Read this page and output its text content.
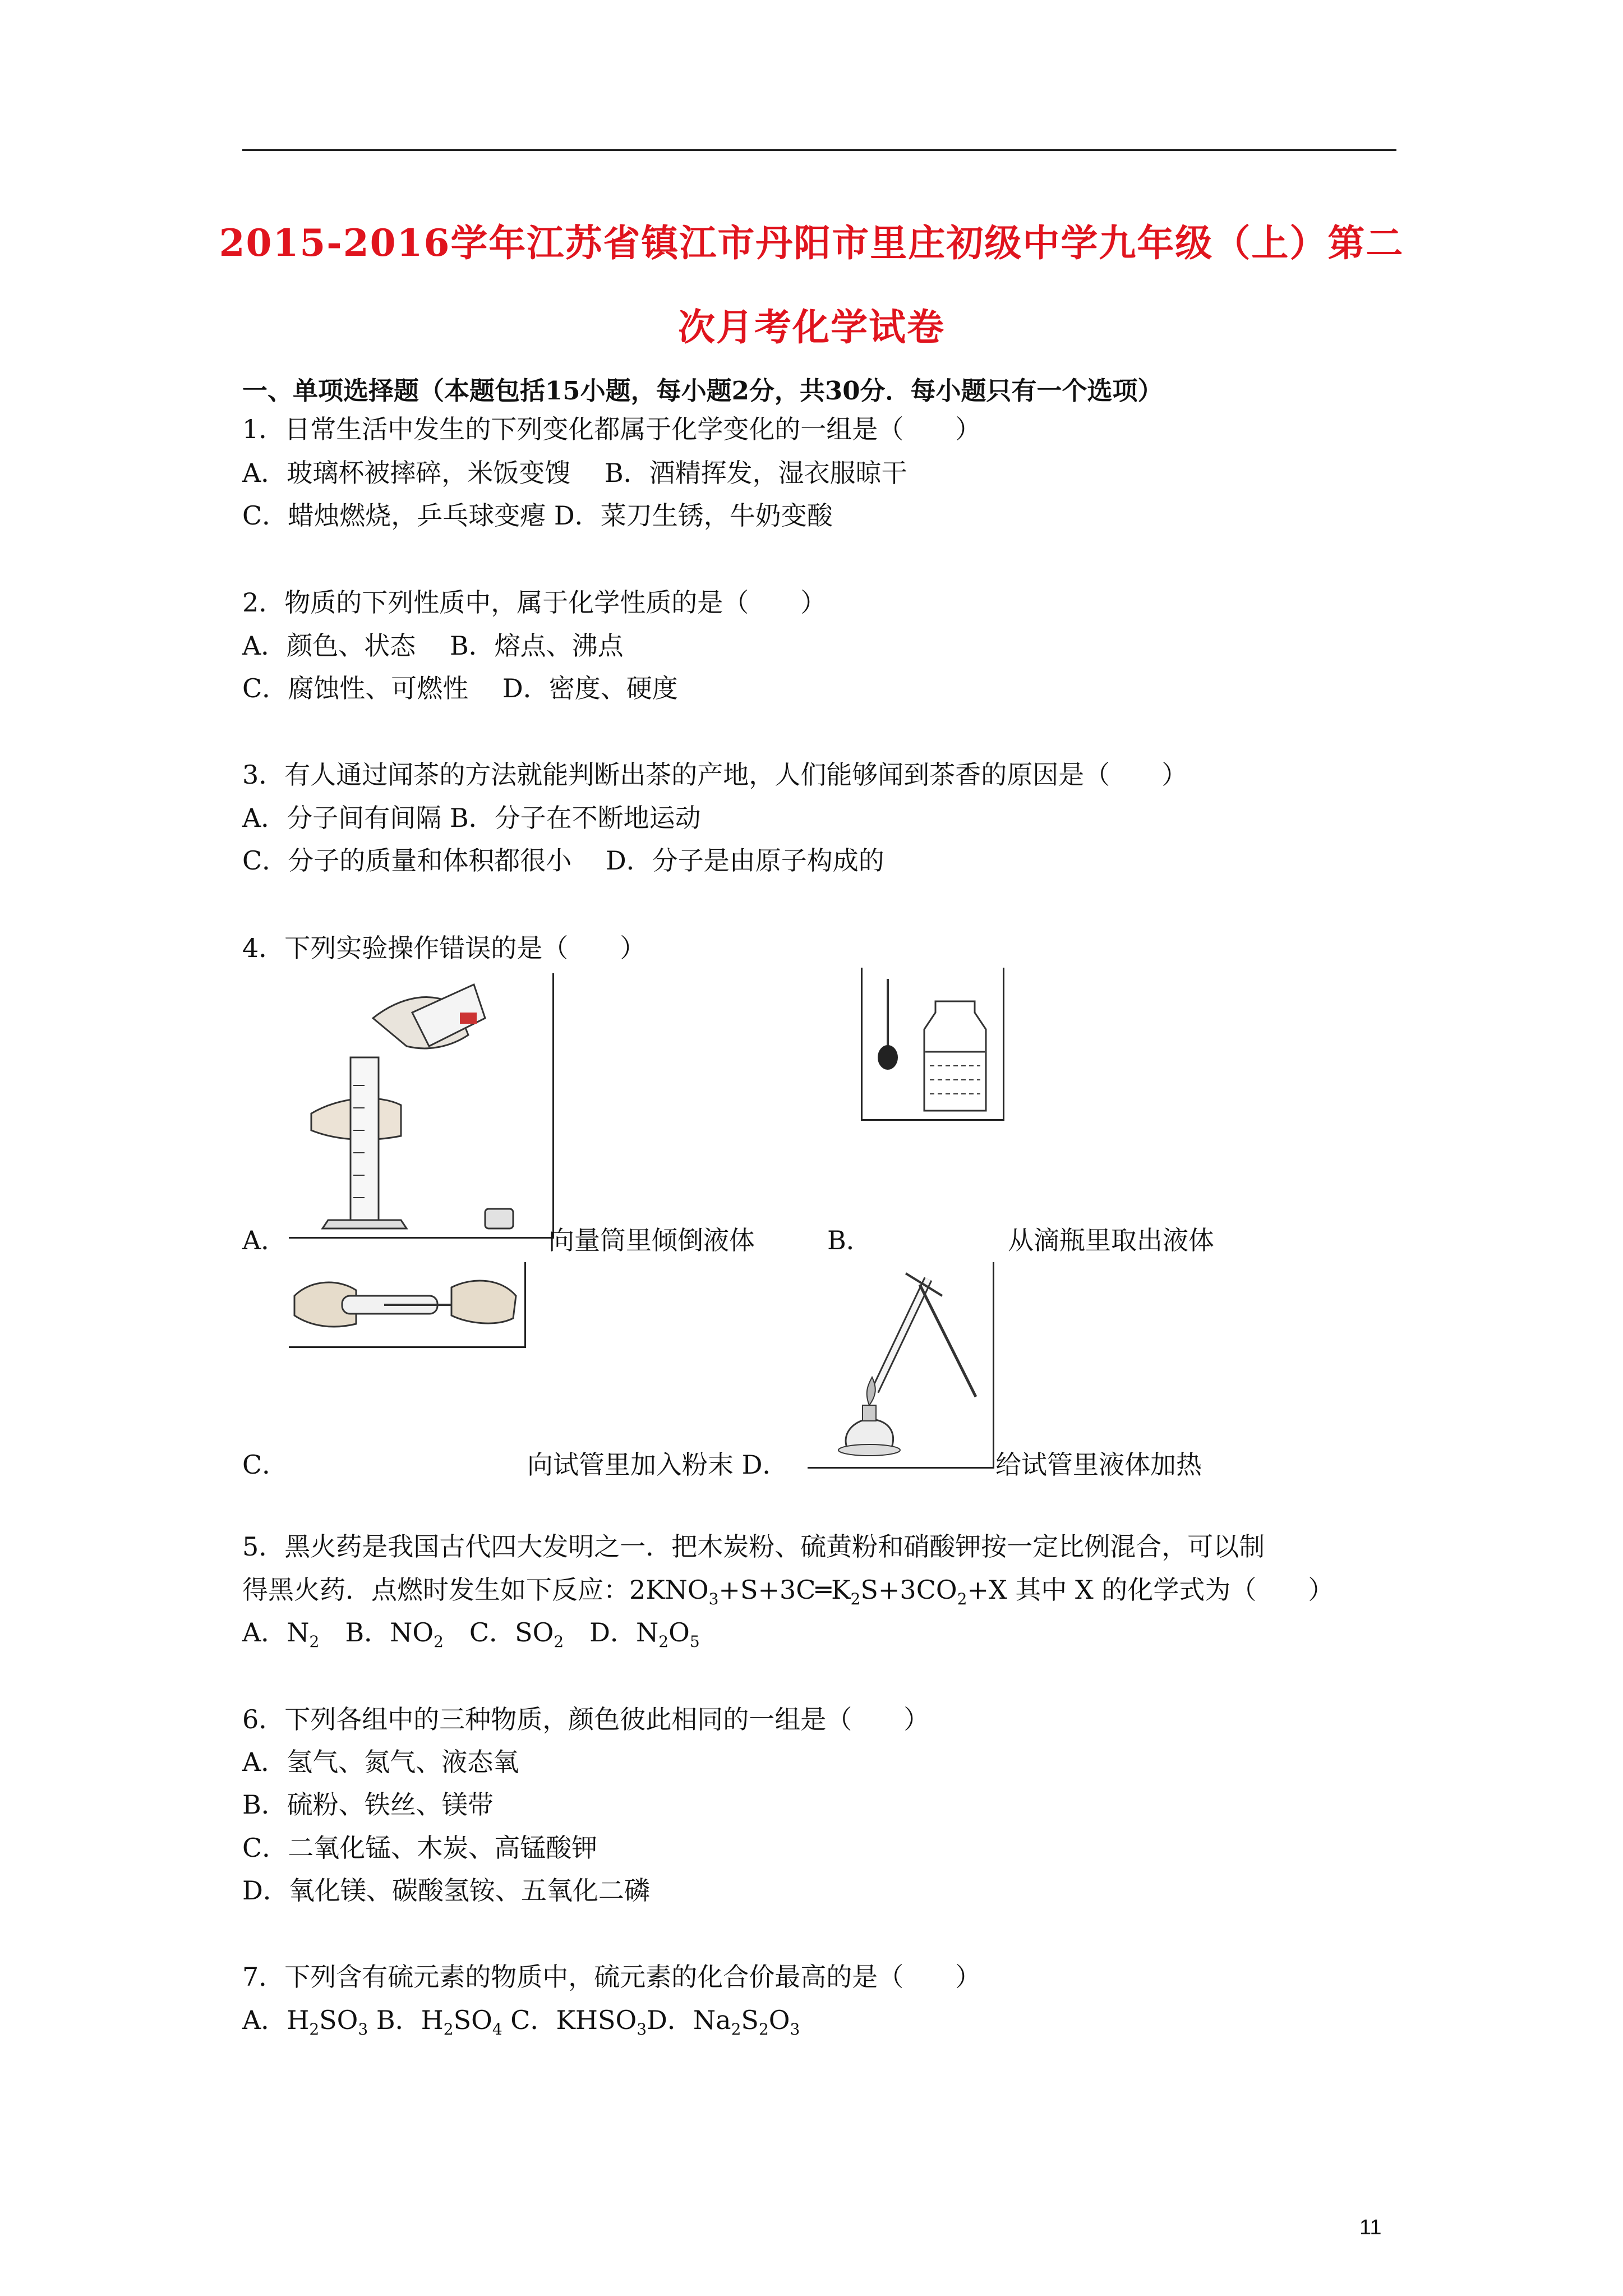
2015-2016学年江苏省镇江市丹阳市里庄初级中学九年级（上）第二
次月考化学试卷
一、单项选择题（本题包括15小题，每小题2分，共30分．每小题只有一个选项）
1．日常生活中发生的下列变化都属于化学变化的一组是（　　）
A．玻璃杯被摔碎，米饭变馊　 B．酒精挥发，湿衣服晾干
C．蜡烛燃烧，乒乓球变瘪 D．菜刀生锈，牛奶变酸
2．物质的下列性质中，属于化学性质的是（　　）
A．颜色、状态　 B．熔点、沸点
C．腐蚀性、可燃性　 D．密度、硬度
3．有人通过闻茶的方法就能判断出茶的产地，人们能够闻到茶香的原因是（　　）
A．分子间有间隔 B．分子在不断地运动
C．分子的质量和体积都很小　 D．分子是由原子构成的
4．下列实验操作错误的是（　　）
A．	向量筒里倾倒液体	B．	从滴瓶里取出液体
C．	向试管里加入粉末 D．	给试管里液体加热
5．黑火药是我国古代四大发明之一．把木炭粉、硫黄粉和硝酸钾按一定比例混合，可以制
得黑火药．点燃时发生如下反应：$2KNO_3+S+3C═K_2S+3CO_2+X$ 其中 X 的化学式为（　　）
A．$N_2$　B．$NO_2$　C．$SO_2$　D．$N_2O_5$
6．下列各组中的三种物质，颜色彼此相同的一组是（　　）
A．氢气、氮气、液态氧
B．硫粉、铁丝、镁带
C．二氧化锰、木炭、高锰酸钾
D．氧化镁、碳酸氢铵、五氧化二磷
7．下列含有硫元素的物质中，硫元素的化合价最高的是（　　）
A．$H_2SO_3$ B．$H_2SO_4$ C．$KHSO_3D$．$Na_2S_2O_3$
11
